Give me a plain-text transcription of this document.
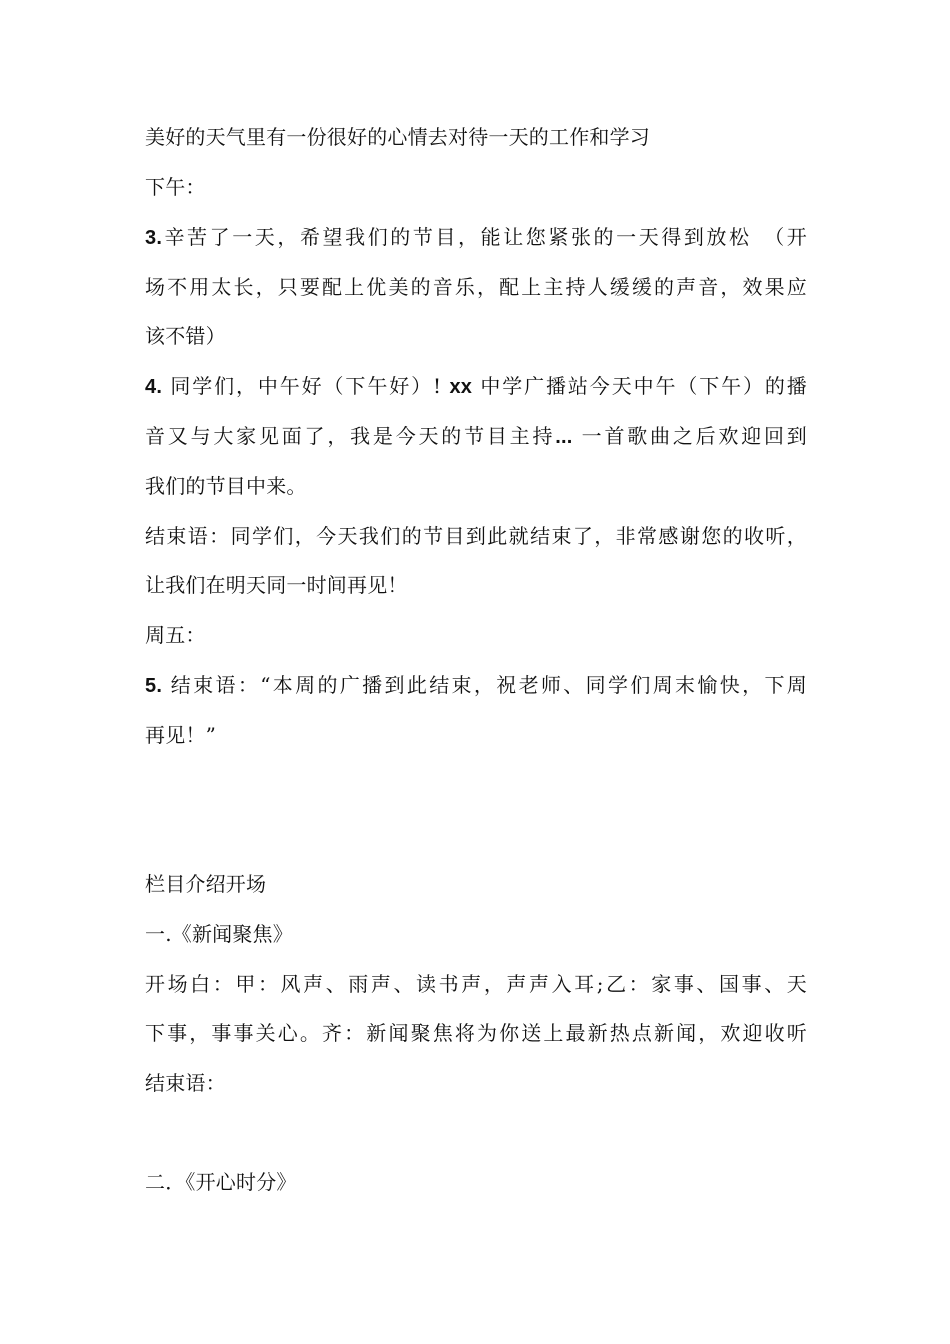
美好的天气里有一份很好的心情去对待一天的工作和学习
下午：
3.辛苦了一天，希望我们的节目，能让您紧张的一天得到放松　（开
场不用太长，只要配上优美的音乐，配上主持人缓缓的声音，效果应
该不错）
4. 同学们，中午好（下午好）! xx 中学广播站今天中午（下午）的播
音又与大家见面了，我是今天的节目主持... 一首歌曲之后欢迎回到
我们的节目中来。
结束语：同学们，今天我们的节目到此就结束了，非常感谢您的收听，
让我们在明天同一时间再见！
周五：
5. 结束语：“本周的广播到此结束，祝老师、同学们周末愉快，下周
再见！”
栏目介绍开场
一.《新闻聚焦》
开场白：甲：风声、雨声、读书声，声声入耳;乙：家事、国事、天
下事，事事关心。齐：新闻聚焦将为你送上最新热点新闻，欢迎收听
结束语：
二．《开心时分》
